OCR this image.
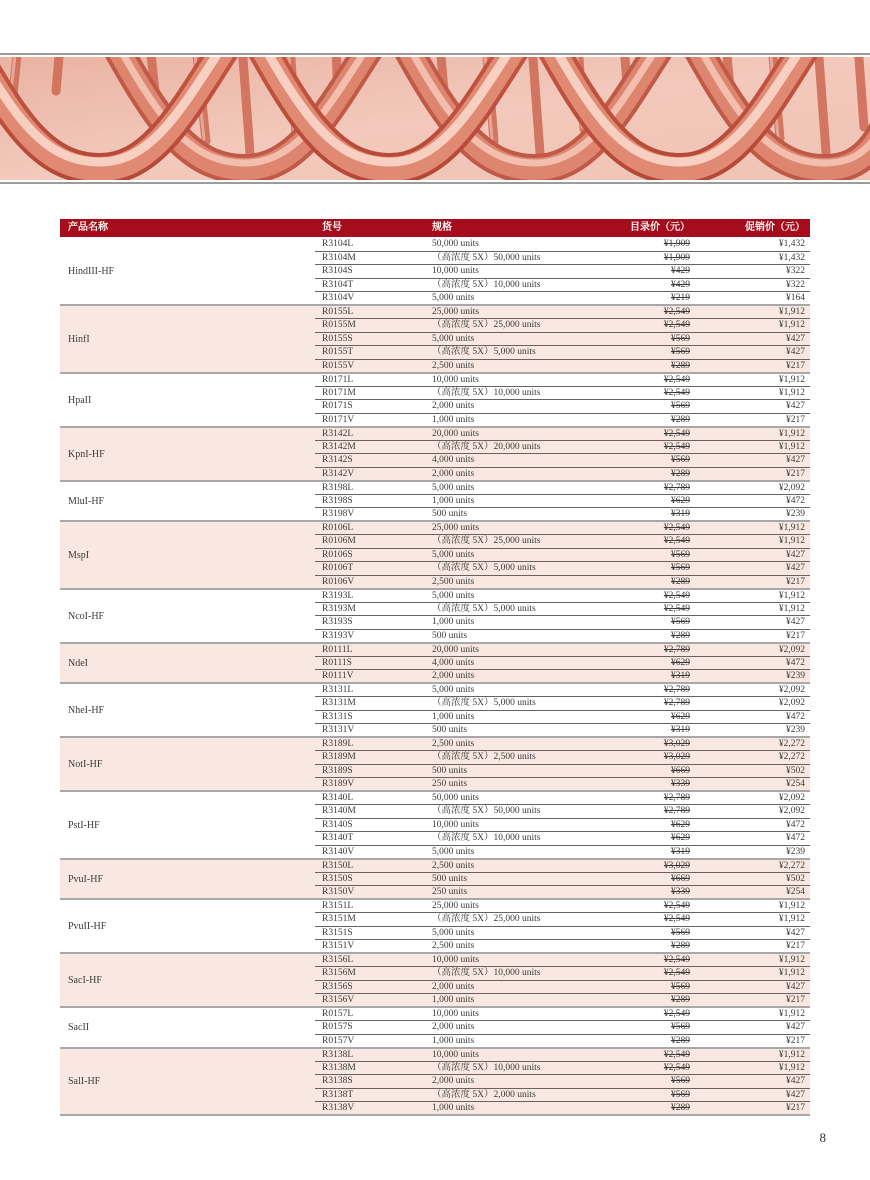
产品名称	货号	规格	目录价（元）	促销价（元）
HindIII-HF	R3104L	50,000 units	¥1,909	¥1,432
	R3104M	（高浓度 5X）50,000 units	¥1,909	¥1,432
	R3104S	10,000 units	¥429	¥322
	R3104T	（高浓度 5X）10,000 units	¥429	¥322
	R3104V	5,000 units	¥219	¥164
HinfI	R0155L	25,000 units	¥2,549	¥1,912
	R0155M	（高浓度 5X）25,000 units	¥2,549	¥1,912
	R0155S	5,000 units	¥569	¥427
	R0155T	（高浓度 5X）5,000 units	¥569	¥427
	R0155V	2,500 units	¥289	¥217
HpaII	R0171L	10,000 units	¥2,549	¥1,912
	R0171M	（高浓度 5X）10,000 units	¥2,549	¥1,912
	R0171S	2,000 units	¥569	¥427
	R0171V	1,000 units	¥289	¥217
KpnI-HF	R3142L	20,000 units	¥2,549	¥1,912
	R3142M	（高浓度 5X）20,000 units	¥2,549	¥1,912
	R3142S	4,000 units	¥569	¥427
	R3142V	2,000 units	¥289	¥217
MluI-HF	R3198L	5,000 units	¥2,789	¥2,092
	R3198S	1,000 units	¥629	¥472
	R3198V	500 units	¥319	¥239
MspI	R0106L	25,000 units	¥2,549	¥1,912
	R0106M	（高浓度 5X）25,000 units	¥2,549	¥1,912
	R0106S	5,000 units	¥569	¥427
	R0106T	（高浓度 5X）5,000 units	¥569	¥427
	R0106V	2,500 units	¥289	¥217
NcoI-HF	R3193L	5,000 units	¥2,549	¥1,912
	R3193M	（高浓度 5X）5,000 units	¥2,549	¥1,912
	R3193S	1,000 units	¥569	¥427
	R3193V	500 units	¥289	¥217
NdeI	R0111L	20,000 units	¥2,789	¥2,092
	R0111S	4,000 units	¥629	¥472
	R0111V	2,000 units	¥319	¥239
NheI-HF	R3131L	5,000 units	¥2,789	¥2,092
	R3131M	（高浓度 5X）5,000 units	¥2,789	¥2,092
	R3131S	1,000 units	¥629	¥472
	R3131V	500 units	¥319	¥239
NotI-HF	R3189L	2,500 units	¥3,029	¥2,272
	R3189M	（高浓度 5X）2,500 units	¥3,029	¥2,272
	R3189S	500 units	¥669	¥502
	R3189V	250 units	¥339	¥254
PstI-HF	R3140L	50,000 units	¥2,789	¥2,092
	R3140M	（高浓度 5X）50,000 units	¥2,789	¥2,092
	R3140S	10,000 units	¥629	¥472
	R3140T	（高浓度 5X）10,000 units	¥629	¥472
	R3140V	5,000 units	¥319	¥239
PvuI-HF	R3150L	2,500 units	¥3,029	¥2,272
	R3150S	500 units	¥669	¥502
	R3150V	250 units	¥339	¥254
PvuII-HF	R3151L	25,000 units	¥2,549	¥1,912
	R3151M	（高浓度 5X）25,000 units	¥2,549	¥1,912
	R3151S	5,000 units	¥569	¥427
	R3151V	2,500 units	¥289	¥217
SacI-HF	R3156L	10,000 units	¥2,549	¥1,912
	R3156M	（高浓度 5X）10,000 units	¥2,549	¥1,912
	R3156S	2,000 units	¥569	¥427
	R3156V	1,000 units	¥289	¥217
SacII	R0157L	10,000 units	¥2,549	¥1,912
	R0157S	2,000 units	¥569	¥427
	R0157V	1,000 units	¥289	¥217
SalI-HF	R3138L	10,000 units	¥2,549	¥1,912
	R3138M	（高浓度 5X）10,000 units	¥2,549	¥1,912
	R3138S	2,000 units	¥569	¥427
	R3138T	（高浓度 5X）2,000 units	¥569	¥427
	R3138V	1,000 units	¥289	¥217
8
